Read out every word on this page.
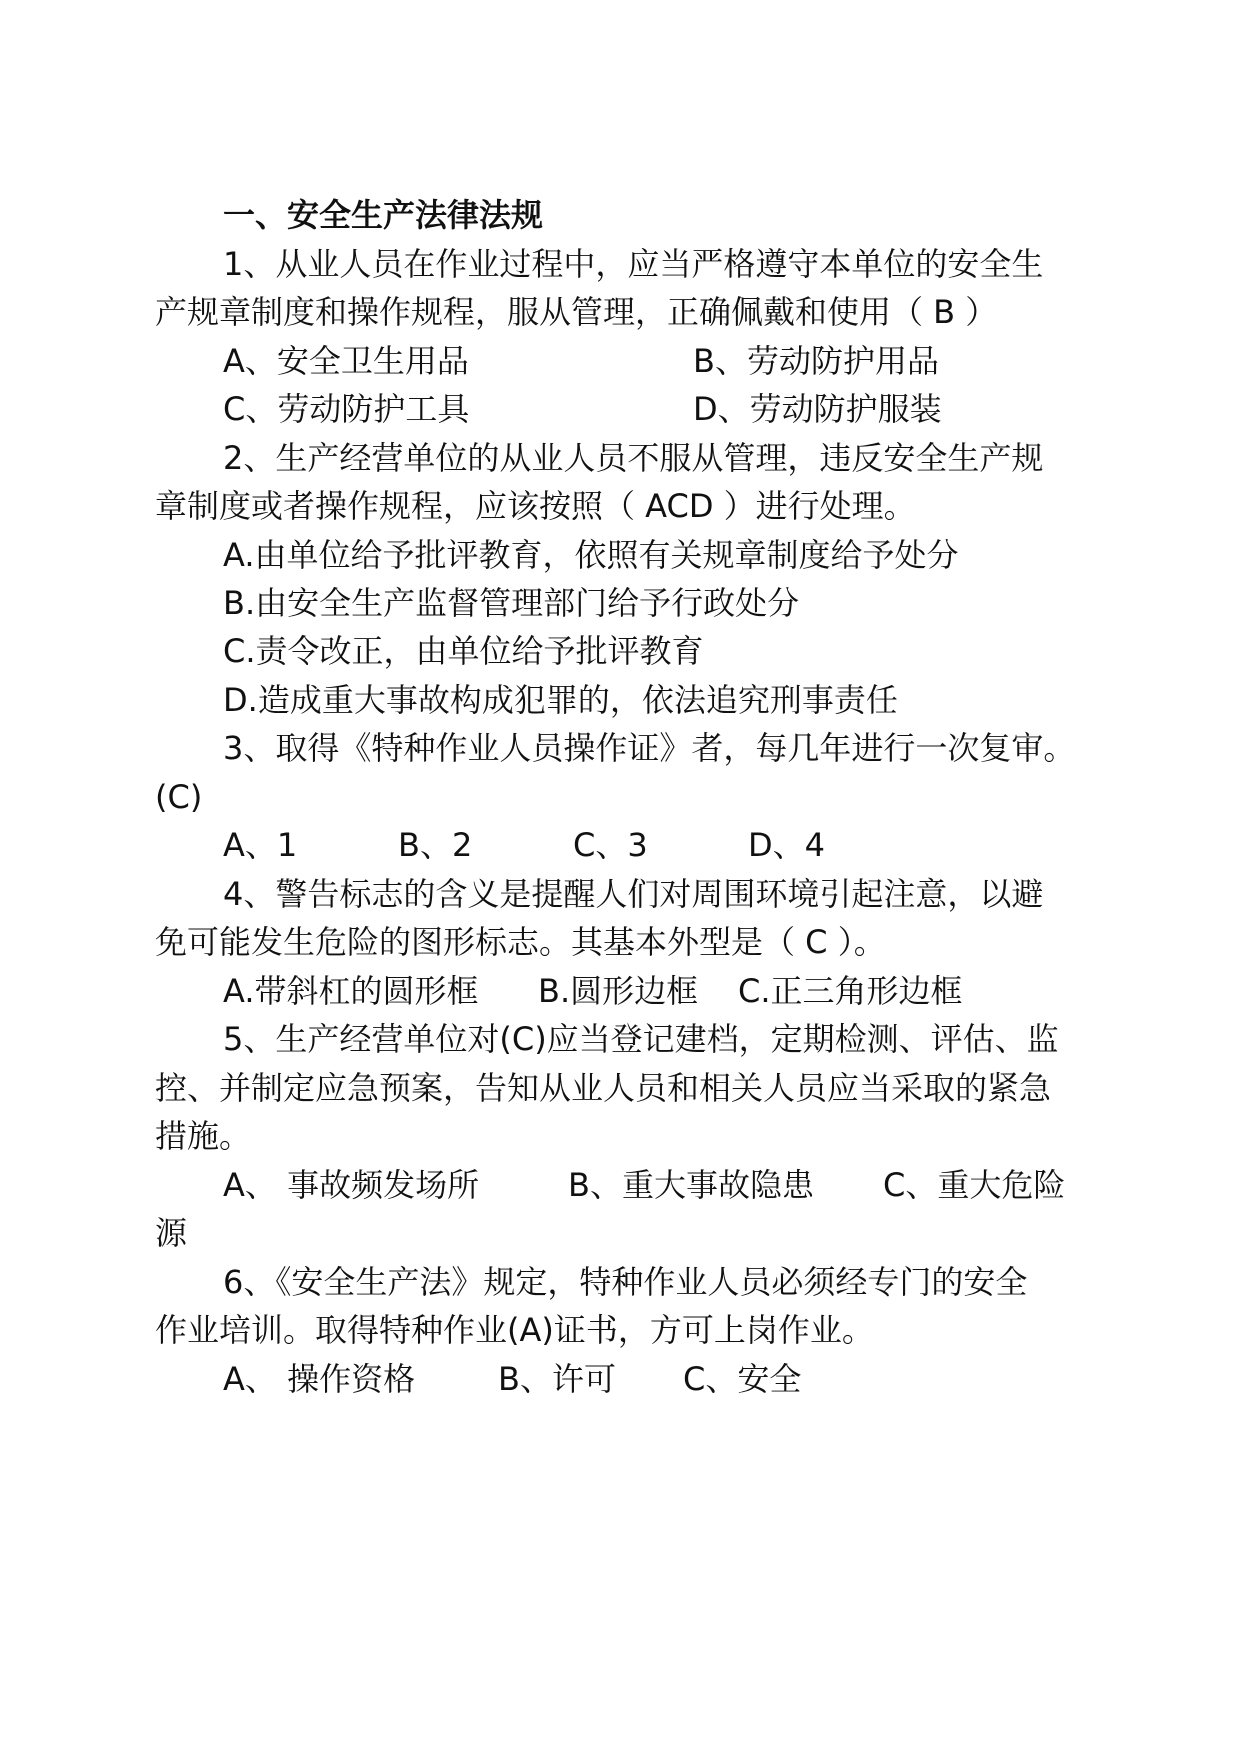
一、安全生产法律法规
1、从业人员在作业过程中，应当严格遵守本单位的安全生
产规章制度和操作规程，服从管理，正确佩戴和使用（ B ）
A、安全卫生用品	B、劳动防护用品
C、劳动防护工具	D、劳动防护服装
2、生产经营单位的从业人员不服从管理，违反安全生产规
章制度或者操作规程，应该按照（ ACD ）进行处理。
A.由单位给予批评教育，依照有关规章制度给予处分
B.由安全生产监督管理部门给予行政处分
C.责令改正，由单位给予批评教育
D.造成重大事故构成犯罪的，依法追究刑事责任
3、取得《特种作业人员操作证》者，每几年进行一次复审。
(C)
A、1	B、2	C、3	D、4
4、警告标志的含义是提醒人们对周围环境引起注意，以避
免可能发生危险的图形标志。其基本外型是（ C ）。
A.带斜杠的圆形框 B.圆形边框 C.正三角形边框
5、生产经营单位对(C)应当登记建档，定期检测、评估、监
控、并制定应急预案，告知从业人员和相关人员应当采取的紧急
措施。
A、 事故频发场所	B、重大事故隐患 C、重大危险
源
6、《安全生产法》规定，特种作业人员必须经专门的安全
作业培训。取得特种作业(A)证书，方可上岗作业。
A、 操作资格	B、许可 C、安全
